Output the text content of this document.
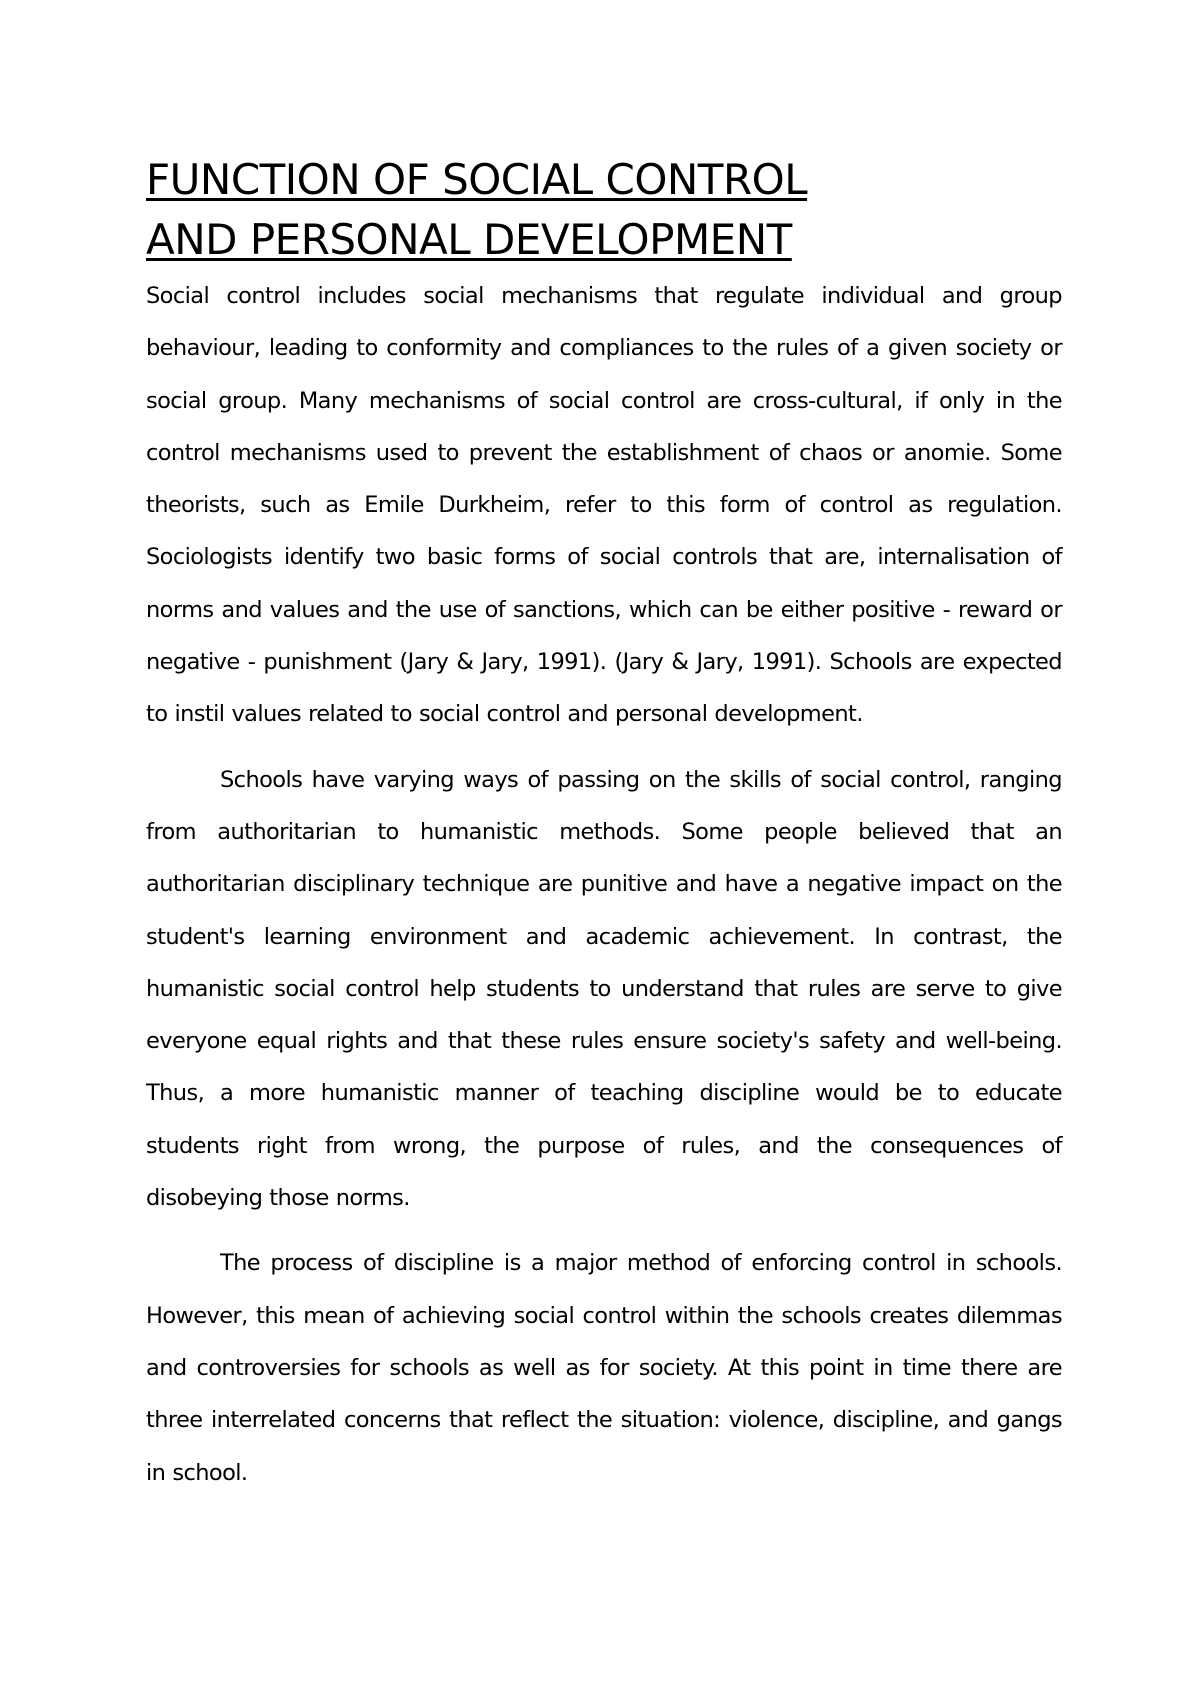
FUNCTION OF SOCIAL CONTROL
AND PERSONAL DEVELOPMENT

Social control includes social mechanisms that regulate individual and group behaviour, leading to conformity and compliances to the rules of a given society or social group. Many mechanisms of social control are cross-cultural, if only in the control mechanisms used to prevent the establishment of chaos or anomie. Some theorists, such as Emile Durkheim, refer to this form of control as regulation. Sociologists identify two basic forms of social controls that are, internalisation of norms and values and the use of sanctions, which can be either positive - reward or negative - punishment (Jary & Jary, 1991). (Jary & Jary, 1991). Schools are expected to instil values related to social control and personal development.

Schools have varying ways of passing on the skills of social control, ranging from authoritarian to humanistic methods. Some people believed that an authoritarian disciplinary technique are punitive and have a negative impact on the student's learning environment and academic achievement. In contrast, the humanistic social control help students to understand that rules are serve to give everyone equal rights and that these rules ensure society's safety and well-being. Thus, a more humanistic manner of teaching discipline would be to educate students right from wrong, the purpose of rules, and the consequences of disobeying those norms.

The process of discipline is a major method of enforcing control in schools. However, this mean of achieving social control within the schools creates dilemmas and controversies for schools as well as for society. At this point in time there are three interrelated concerns that reflect the situation: violence, discipline, and gangs in school.
